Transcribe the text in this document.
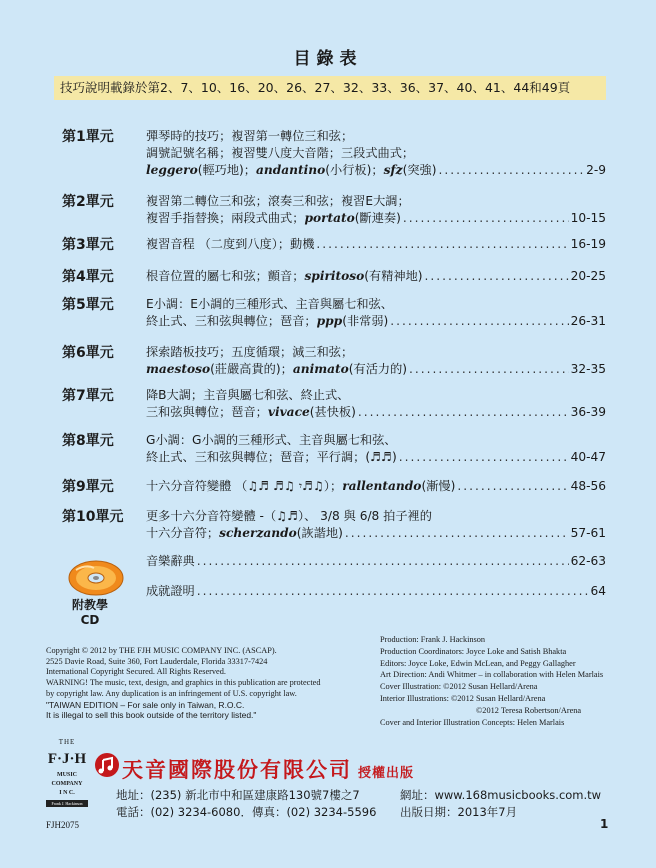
目錄表
技巧說明載錄於第2、7、10、16、20、26、27、32、33、36、37、40、41、44和49頁
第1單元	彈琴時的技巧；複習第一轉位三和弦；
調號記號名稱；複習雙八度大音階；三段式曲式；
leggero(輕巧地)；andantino(小行板)；sfz(突強) .....	2-9
第2單元	複習第二轉位三和弦；滾奏三和弦；複習E大調；
複習手指替換；兩段式曲式；portato(斷連奏) .....	10-15
第3單元	複習音程 （二度到八度）；動機 .....	16-19
第4單元	根音位置的屬七和弦；顫音；spiritoso(有精神地) .....	20-25
第5單元	E小調：E小調的三種形式、主音與屬七和弦、
終止式、三和弦與轉位；琶音；ppp(非常弱) .....	26-31
第6單元	探索踏板技巧；五度循環；減三和弦；
maestoso(莊嚴高貴的)；animato(有活力的) .....	32-35
第7單元	降B大調；主音與屬七和弦、終止式、
三和弦與轉位；琶音；vivace(甚快板) .....	36-39
第8單元	G小調：G小調的三種形式、主音與屬七和弦、
終止式、三和弦與轉位；琶音；平行調；(♬♬) .....	40-47
第9單元	十六分音符變體 （♫♬ ♬♫ 𝄾♬♫）；rallentando(漸慢) .....	48-56
第10單元 更多十六分音符變體 -（♫♬）、 3/8 與 6/8 拍子裡的
十六分音符；scherzando(詼諧地) .....	57-61
音樂辭典 .....	62-63
成就證明 .....	64
附教學
CD
Copyright © 2012 by THE FJH MUSIC COMPANY INC. (ASCAP).
2525 Davie Road, Suite 360, Fort Lauderdale, Florida 33317-7424
International Copyright Secured. All Rights Reserved.
WARNING! The music, text, design, and graphics in this publication are protected
by copyright law. Any duplication is an infringement of U.S. copyright law.
"TAIWAN EDITION – For sale only in Taiwan, R.O.C.
It is illegal to sell this book outside of the territory listed."
Production: Frank J. Hackinson
Production Coordinators: Joyce Loke and Satish Bhakta
Editors: Joyce Loke, Edwin McLean, and Peggy Gallagher
Art Direction: Andi Whitmer – in collaboration with Helen Marlais
Cover Illustration: ©2012 Susan Hellard/Arena
Interior Illustrations: ©2012 Susan Hellard/Arena
©2012 Teresa Robertson/Arena
Cover and Interior Illustration Concepts: Helen Marlais
THE
F·J·H
MUSIC
COMPANY
I N C.
Frank J. Hackinson
FJH2075
天音國際股份有限公司 授權出版
地址：(235) 新北市中和區建康路130號7樓之7
電話：(02) 3234-6080．傳真：(02) 3234-5596
網址：www.168musicbooks.com.tw
出版日期：2013年7月
1
